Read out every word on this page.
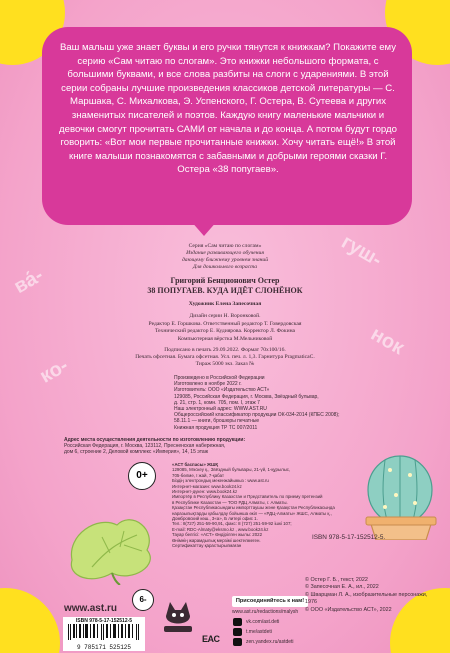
ва́-
гуш-
ко-
нок
Ваш малыш уже знает буквы и его ручки тянутся к книжкам? Покажите ему серию «Сам читаю по слогам». Это книжки небольшого формата, с большими буквами, и все слова разбиты на слоги с ударениями. В этой серии собраны лучшие произведения классиков детской литературы — С. Маршака, С. Михалкова, Э. Успенского, Г. Остера, В. Сутеева и других знаменитых писателей и поэтов. Каждую книгу маленькие мальчики и девочки смогут прочитать САМИ от начала и до конца. А потом будут гордо говорить: «Вот мои первые прочитанные книжки. Хочу читать ещё!» В этой книге малыши познакомятся с забавными и добрыми героями сказки Г. Остера «38 попугаев».
Серия «Сам читаю по слогам»
Издание развивающего обучения
дающему ближнему уровнем знаний
Для дошкольного возраста
Григорий Бенционович Остер
38 ПОПУГАЕВ. КУДА ИДЁТ СЛОНЁНОК
Художник Елена Запесочная
Дизайн серии Н. Воронковой.
Редактор Е. Горшкова. Ответственный редактор Т. Говердовская
Технический редактор Е. Кудиярова. Корректор Л. Фокина
Компьютерная вёрстка М.Мельниковой
Подписано в печать 29.09.2022. Формат 70х100/16.
Печать офсетная. Бумага офсетная. Усл. печ. л. 1,3. Гарнитура PragmaticaC.
Тираж 5000 экз. Заказ №
Произведено в Российской Федерации
Изготовлено в ноябре 2022 г.
Изготовитель: ООО «Издательство АСТ»
129085, Российская Федерация, г. Москва, Звёздный бульвар,
д. 21, стр. 1, комн. 705, пом. I, этаж 7
Наш электронный адрес: WWW.AST.RU
Общероссийский классификатор продукции ОК-034-2014 (КПЕС 2008);
58.11.1 — книги, брошюры печатные
Книжная продукция ТР ТС 007/2011
Адрес места осуществления деятельности по изготовлению продукции:
Российская Федерация, г. Москва, 123112, Пресненская набережная,
дом 6, строение 2, Деловой комплекс «Империя», 14, 15 этаж
«АСТ баспасы» ЖШҚ
129085, Мәскеу қ., Звёздный бульвары, 21-үй, 1-құрылыс,
705-бөлме, I жай, 7-қабат
Біздің электрондық мекенжайымыз : www.ast.ru
Интернет-магазин: www.book24.kz
Интернет-дүкен: www.book24.kz
Импортёр в Республику Казахстан и Представитель по приему претензий
в Республике Казахстан — ТОО РДЦ Алматы, г. Алматы.
Қазақстан Республикасындағы импорттаушы және Қазақстан Республикасында
наразылықтарды қабылдау бойынша өкіл — «РДЦ-Алматы» ЖШС, Алматы қ.,
Домбровский көш., 3«а», Б литері офис 1.
Тел.: 8(727) 251-59-90,91, факс: 8 (727) 251-59-92 ішкі 107;
E-mail: RDC-Almaty@eksmo.kz , www.book24.kz
Тауар белгісі: «АСТ» Өндірілген жылы: 2022
Өнімнің жарамдылық мерзімі шектелмеген.
Сертификаттау қарастырылмаған
0+
6-
www.ast.ru
ISBN 978-5-17-152512-5
9 785171 525125
EAC
Присоединяйтесь к нам!
www.ast.ru/redactions/malysh
vk.com/ast.deti
t.me/astdeti
zen.yandex.ru/astdeti
ISBN 978-5-17-152512-5.
© Остер Г. Б., текст, 2022
© Запесочная Е. А., ил., 2022
© Шварцман Л. А., изобразительные персонажи, 1976
© ООО «Издательство АСТ», 2022
